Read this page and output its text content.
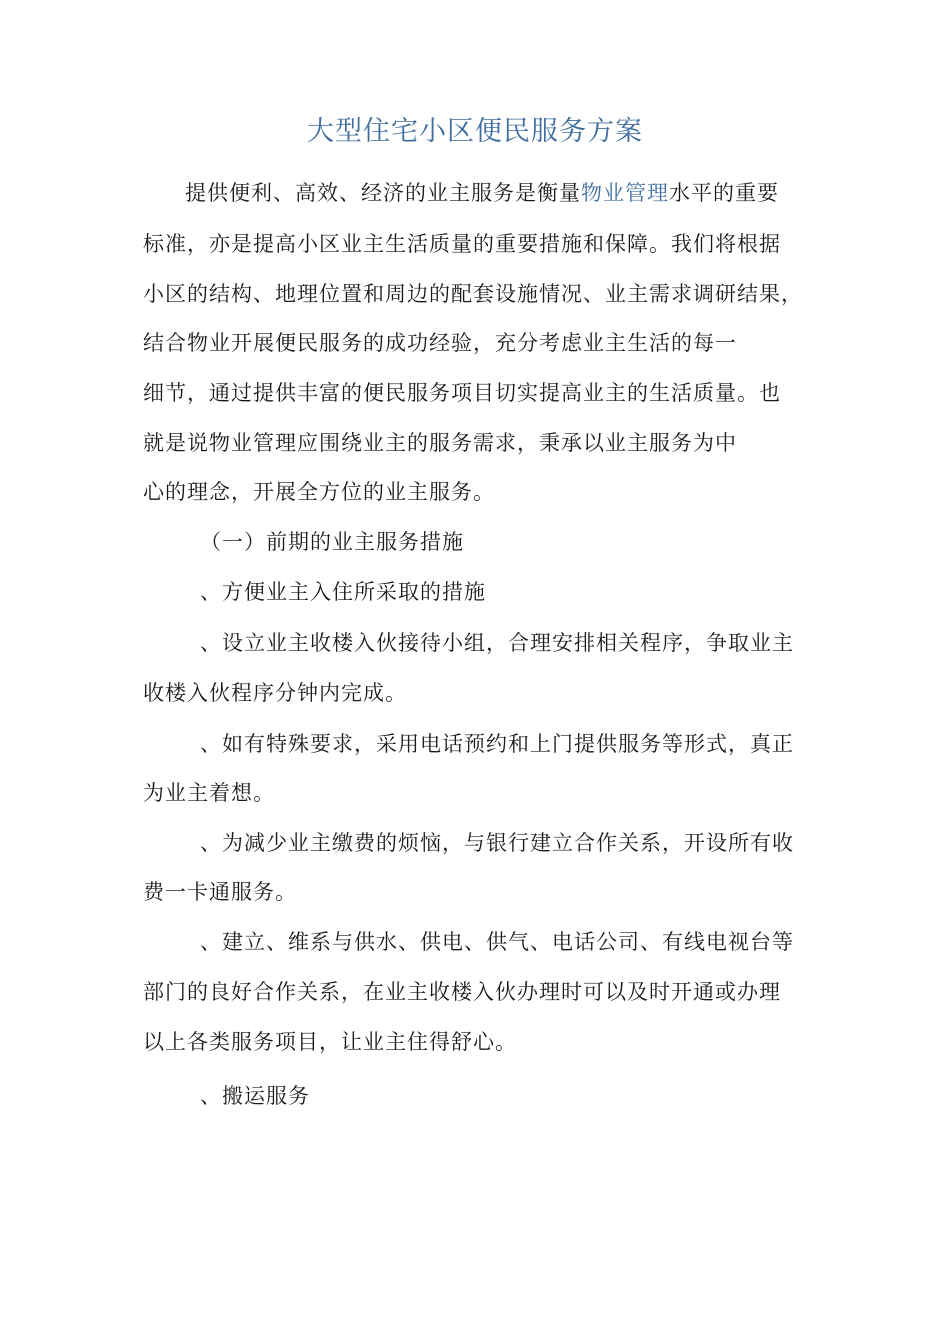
大型住宅小区便民服务方案
提供便利、高效、经济的业主服务是衡量物业管理水平的重要
标准，亦是提高小区业主生活质量的重要措施和保障。我们将根据
小区的结构、地理位置和周边的配套设施情况、业主需求调研结果，
结合物业开展便民服务的成功经验，充分考虑业主生活的每一
细节，通过提供丰富的便民服务项目切实提高业主的生活质量。也
就是说物业管理应围绕业主的服务需求，秉承以业主服务为中
心的理念，开展全方位的业主服务。
（一）前期的业主服务措施
、方便业主入住所采取的措施
、设立业主收楼入伙接待小组，合理安排相关程序，争取业主
收楼入伙程序分钟内完成。
、如有特殊要求，采用电话预约和上门提供服务等形式，真正
为业主着想。
、为减少业主缴费的烦恼，与银行建立合作关系，开设所有收
费一卡通服务。
、建立、维系与供水、供电、供气、电话公司、有线电视台等
部门的良好合作关系，在业主收楼入伙办理时可以及时开通或办理
以上各类服务项目，让业主住得舒心。
、搬运服务
